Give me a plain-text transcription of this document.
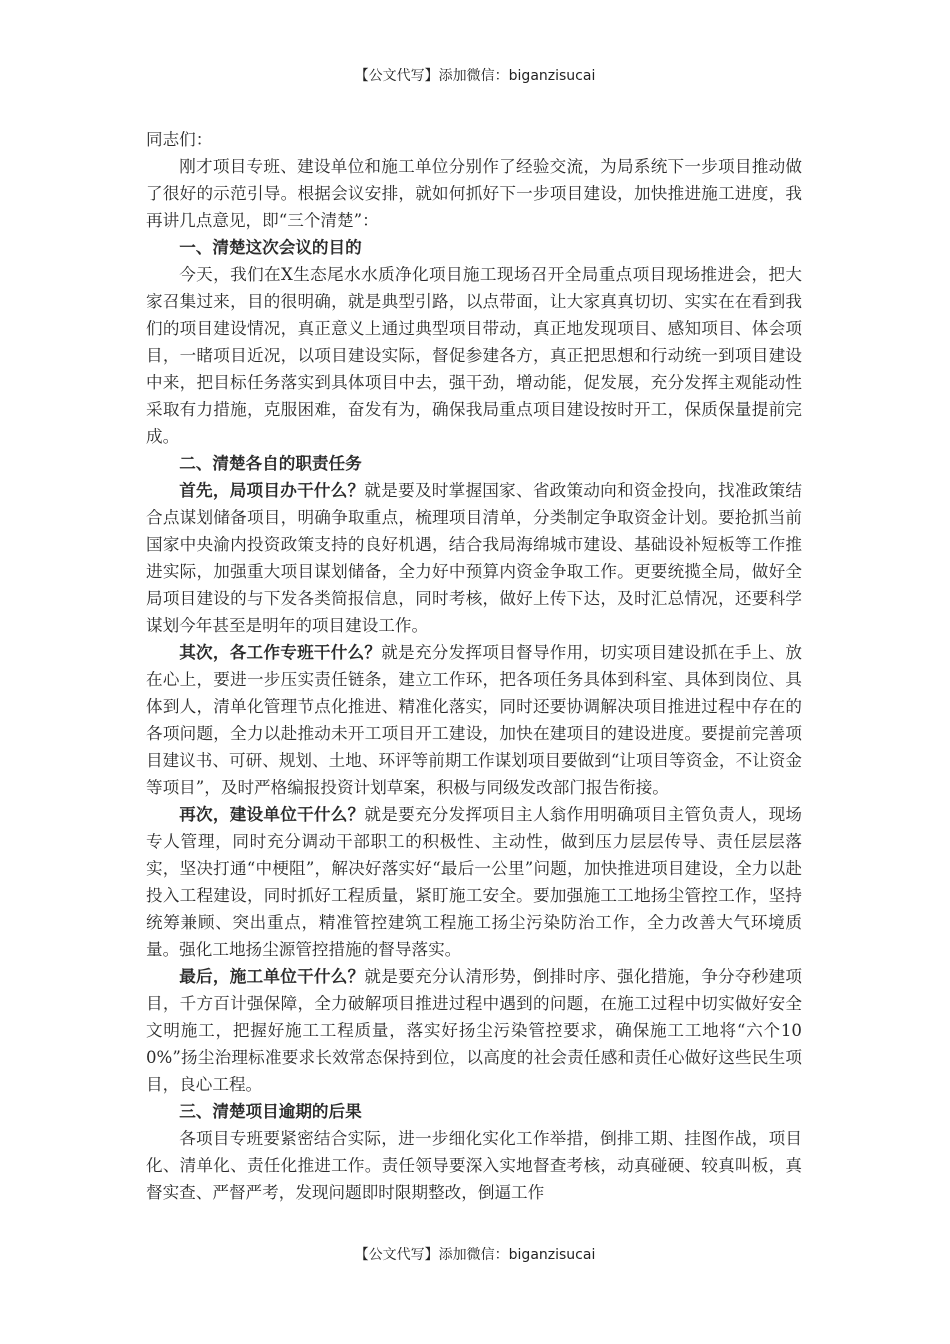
【公文代写】添加微信：biganzisucai

同志们：

刚才项目专班、建设单位和施工单位分别作了经验交流，为局系统下一步项目推动做了很好的示范引导。根据会议安排，就如何抓好下一步项目建设，加快推进施工进度，我再讲几点意见，即“三个清楚”：

一、清楚这次会议的目的

今天，我们在X生态尾水水质净化项目施工现场召开全局重点项目现场推进会，把大家召集过来，目的很明确，就是典型引路，以点带面，让大家真真切切、实实在在看到我们的项目建设情况，真正意义上通过典型项目带动，真正地发现项目、感知项目、体会项目，一睹项目近况，以项目建设实际，督促参建各方，真正把思想和行动统一到项目建设中来，把目标任务落实到具体项目中去，强干劲，增动能，促发展，充分发挥主观能动性采取有力措施，克服困难，奋发有为，确保我局重点项目建设按时开工，保质保量提前完成。

二、清楚各自的职责任务

首先，局项目办干什么？就是要及时掌握国家、省政策动向和资金投向，找准政策结合点谋划储备项目，明确争取重点，梳理项目清单，分类制定争取资金计划。要抢抓当前国家中央渝内投资政策支持的良好机遇，结合我局海绵城市建设、基础设补短板等工作推进实际，加强重大项目谋划储备，全力好中预算内资金争取工作。更要统揽全局，做好全局项目建设的与下发各类简报信息，同时考核，做好上传下达，及时汇总情况，还要科学谋划今年甚至是明年的项目建设工作。

其次，各工作专班干什么？就是充分发挥项目督导作用，切实项目建设抓在手上、放在心上，要进一步压实责任链条，建立工作环，把各项任务具体到科室、具体到岗位、具体到人，清单化管理节点化推进、精准化落实，同时还要协调解决项目推进过程中存在的各项问题，全力以赴推动未开工项目开工建设，加快在建项目的建设进度。要提前完善项目建议书、可研、规划、土地、环评等前期工作谋划项目要做到“让项目等资金，不让资金等项目”，及时严格编报投资计划草案，积极与同级发改部门报告衔接。

再次，建设单位干什么？就是要充分发挥项目主人翁作用明确项目主管负责人，现场专人管理，同时充分调动干部职工的积极性、主动性，做到压力层层传导、责任层层落实，坚决打通“中梗阻”，解决好落实好“最后一公里”问题，加快推进项目建设，全力以赴投入工程建设，同时抓好工程质量，紧盯施工安全。要加强施工工地扬尘管控工作，坚持统筹兼顾、突出重点，精准管控建筑工程施工扬尘污染防治工作，全力改善大气环境质量。强化工地扬尘源管控措施的督导落实。

最后，施工单位干什么？就是要充分认清形势，倒排时序、强化措施，争分夺秒建项目，千方百计强保障，全力破解项目推进过程中遇到的问题，在施工过程中切实做好安全文明施工，把握好施工工程质量，落实好扬尘污染管控要求，确保施工工地将“六个100%”扬尘治理标准要求长效常态保持到位，以高度的社会责任感和责任心做好这些民生项目，良心工程。

三、清楚项目逾期的后果

各项目专班要紧密结合实际，进一步细化实化工作举措，倒排工期、挂图作战，项目化、清单化、责任化推进工作。责任领导要深入实地督查考核，动真碰硬、较真叫板，真督实查、严督严考，发现问题即时限期整改，倒逼工作

【公文代写】添加微信：biganzisucai
